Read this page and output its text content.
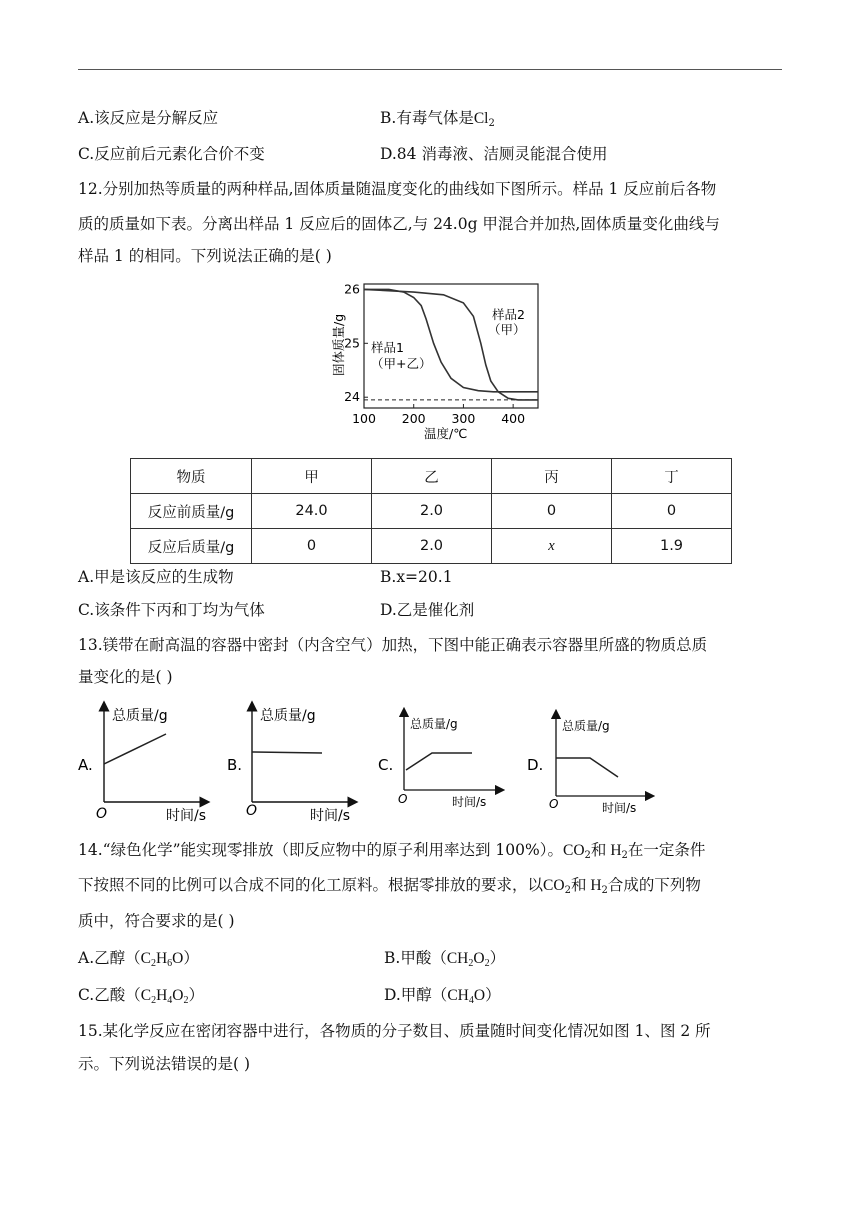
A.该反应是分解反应	B.有毒气体是$Cl_2$
C.反应前后元素化合价不变	D.84 消毒液、洁厕灵能混合使用
12.分别加热等质量的两种样品,固体质量随温度变化的曲线如下图所示。样品 1 反应前后各物
质的质量如下表。分离出样品 1 反应后的固体乙,与 24.0g 甲混合并加热,固体质量变化曲线与
样品 1 的相同。下列说法正确的是( )
100 200 300 400
24
25
26
样品1
（甲+乙）
样品2
（甲）
固体质量/g
温度/℃
物质	甲	乙	丙	丁
反应前质量/g	24.0	2.0	0	0
反应后质量/g	0	2.0	x	1.9
A.甲是该反应的生成物	B.x=20.1
C.该条件下丙和丁均为气体	D.乙是催化剂
13.镁带在耐高温的容器中密封（内含空气）加热，下图中能正确表示容器里所盛的物质总质
量变化的是( )
A.
总质量/g
时间/s
O
B.
总质量/g
时间/s
O
C.
总质量/g
时间/s
O
D.
总质量/g
时间/s
O
14.“绿色化学”能实现零排放（即反应物中的原子利用率达到 100%）。$CO_2$和 $H_2$在一定条件
下按照不同的比例可以合成不同的化工原料。根据零排放的要求，以$CO_2$和 $H_2$合成的下列物
质中，符合要求的是( )
A.乙醇$(C_2H_6O)$	B.甲酸$(CH_2O_2)$
C.乙酸$(C_2H_4O_2)$	D.甲醇$(CH_4O)$
15.某化学反应在密闭容器中进行，各物质的分子数目、质量随时间变化情况如图 1、图 2 所
示。下列说法错误的是( )
